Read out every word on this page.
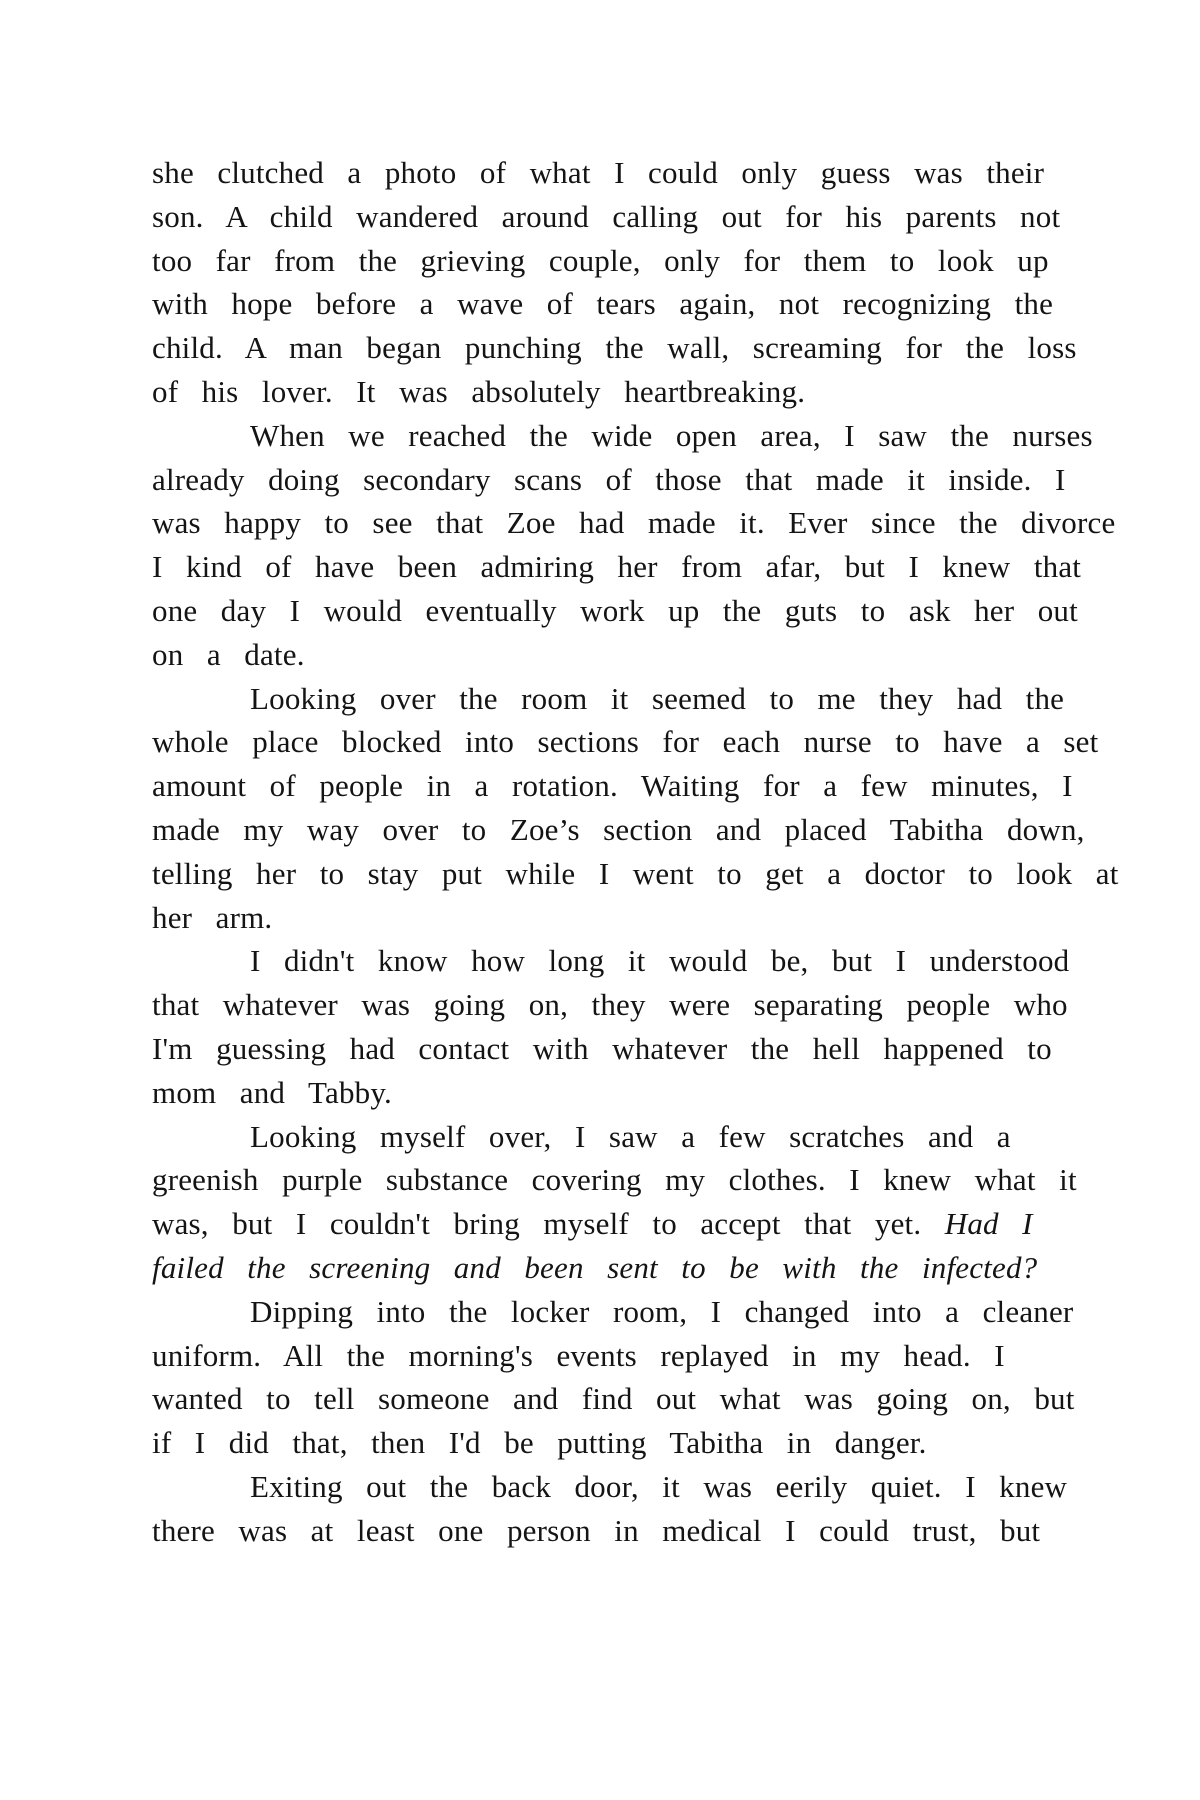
she clutched a photo of what I could only guess was their
son. A child wandered around calling out for his parents not
too far from the grieving couple, only for them to look up
with hope before a wave of tears again, not recognizing the
child. A man began punching the wall, screaming for the loss
of his lover. It was absolutely heartbreaking.
When we reached the wide open area, I saw the nurses
already doing secondary scans of those that made it inside. I
was happy to see that Zoe had made it. Ever since the divorce
I kind of have been admiring her from afar, but I knew that
one day I would eventually work up the guts to ask her out
on a date.
Looking over the room it seemed to me they had the
whole place blocked into sections for each nurse to have a set
amount of people in a rotation. Waiting for a few minutes, I
made my way over to Zoe’s section and placed Tabitha down,
telling her to stay put while I went to get a doctor to look at
her arm.
I didn't know how long it would be, but I understood
that whatever was going on, they were separating people who
I'm guessing had contact with whatever the hell happened to
mom and Tabby.
Looking myself over, I saw a few scratches and a
greenish purple substance covering my clothes. I knew what it
was, but I couldn't bring myself to accept that yet. Had I
failed the screening and been sent to be with the infected?
Dipping into the locker room, I changed into a cleaner
uniform. All the morning's events replayed in my head. I
wanted to tell someone and find out what was going on, but
if I did that, then I'd be putting Tabitha in danger.
Exiting out the back door, it was eerily quiet. I knew
there was at least one person in medical I could trust, but
